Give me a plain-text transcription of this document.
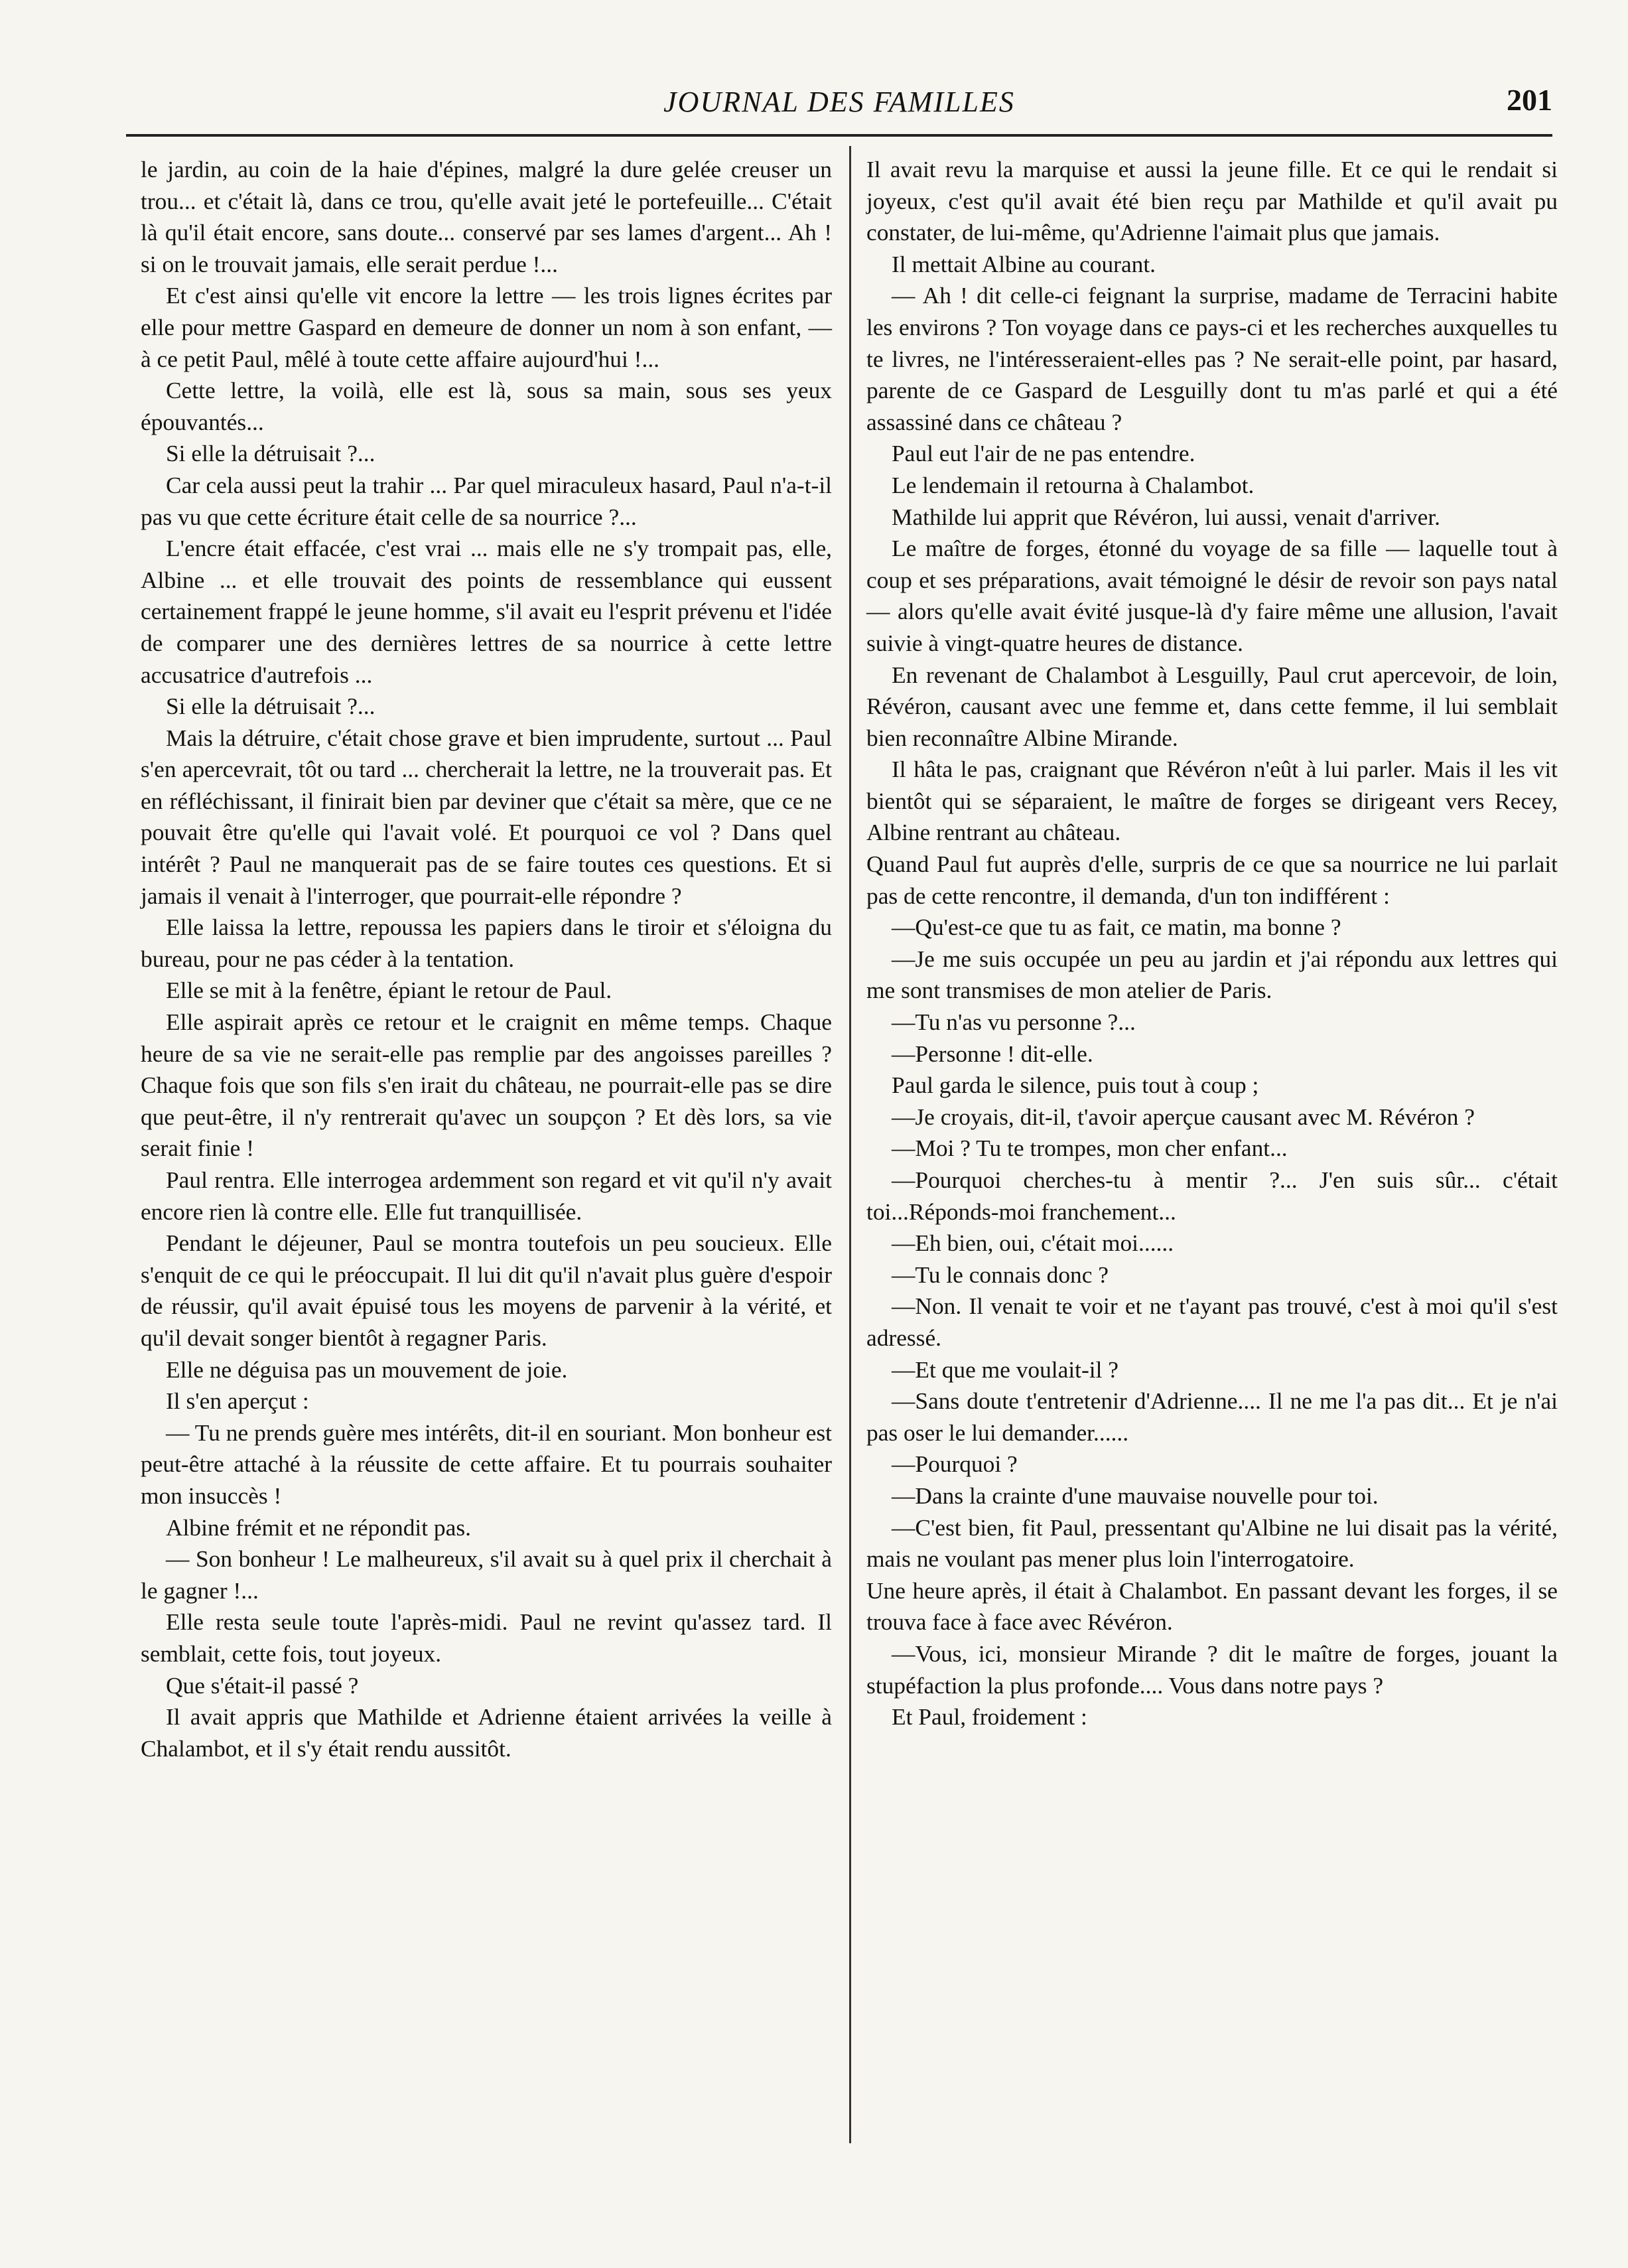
JOURNAL DES FAMILLES	201

le jardin, au coin de la haie d'épines, malgré la dure gelée creuser un trou... et c'était là, dans ce trou, qu'elle avait jeté le portefeuille... C'était là qu'il était encore, sans doute... conservé par ses lames d'argent... Ah ! si on le trouvait jamais, elle serait perdue !...

Et c'est ainsi qu'elle vit encore la lettre — les trois lignes écrites par elle pour mettre Gaspard en demeure de donner un nom à son enfant, — à ce petit Paul, mêlé à toute cette affaire aujourd'hui !...

Cette lettre, la voilà, elle est là, sous sa main, sous ses yeux épouvantés...

Si elle la détruisait ?...

Car cela aussi peut la trahir ... Par quel miraculeux hasard, Paul n'a-t-il pas vu que cette écriture était celle de sa nourrice ?...

L'encre était effacée, c'est vrai ... mais elle ne s'y trompait pas, elle, Albine ... et elle trouvait des points de ressemblance qui eussent certainement frappé le jeune homme, s'il avait eu l'esprit prévenu et l'idée de comparer une des dernières lettres de sa nourrice à cette lettre accusatrice d'autrefois ...

Si elle la détruisait ?...

Mais la détruire, c'était chose grave et bien imprudente, surtout ... Paul s'en apercevrait, tôt ou tard ... chercherait la lettre, ne la trouverait pas. Et en réfléchissant, il finirait bien par deviner que c'était sa mère, que ce ne pouvait être qu'elle qui l'avait volé. Et pourquoi ce vol ? Dans quel intérêt ? Paul ne manquerait pas de se faire toutes ces questions. Et si jamais il venait à l'interroger, que pourrait-elle répondre ?

Elle laissa la lettre, repoussa les papiers dans le tiroir et s'éloigna du bureau, pour ne pas céder à la tentation.

Elle se mit à la fenêtre, épiant le retour de Paul.

Elle aspirait après ce retour et le craignit en même temps. Chaque heure de sa vie ne serait-elle pas remplie par des angoisses pareilles ? Chaque fois que son fils s'en irait du château, ne pourrait-elle pas se dire que peut-être, il n'y rentrerait qu'avec un soupçon ? Et dès lors, sa vie serait finie !

Paul rentra. Elle interrogea ardemment son regard et vit qu'il n'y avait encore rien là contre elle. Elle fut tranquillisée.

Pendant le déjeuner, Paul se montra toutefois un peu soucieux. Elle s'enquit de ce qui le préoccupait. Il lui dit qu'il n'avait plus guère d'espoir de réussir, qu'il avait épuisé tous les moyens de parvenir à la vérité, et qu'il devait songer bientôt à regagner Paris.

Elle ne déguisa pas un mouvement de joie.

Il s'en aperçut :

— Tu ne prends guère mes intérêts, dit-il en souriant. Mon bonheur est peut-être attaché à la réussite de cette affaire. Et tu pourrais souhaiter mon insuccès !

Albine frémit et ne répondit pas.

— Son bonheur ! Le malheureux, s'il avait su à quel prix il cherchait à le gagner !...

Elle resta seule toute l'après-midi. Paul ne revint qu'assez tard. Il semblait, cette fois, tout joyeux.

Que s'était-il passé ?

Il avait appris que Mathilde et Adrienne étaient arrivées la veille à Chalambot, et il s'y était rendu aussitôt.

Il avait revu la marquise et aussi la jeune fille. Et ce qui le rendait si joyeux, c'est qu'il avait été bien reçu par Mathilde et qu'il avait pu constater, de lui-même, qu'Adrienne l'aimait plus que jamais.

Il mettait Albine au courant.

— Ah ! dit celle-ci feignant la surprise, madame de Terracini habite les environs ? Ton voyage dans ce pays-ci et les recherches auxquelles tu te livres, ne l'intéresseraient-elles pas ? Ne serait-elle point, par hasard, parente de ce Gaspard de Lesguilly dont tu m'as parlé et qui a été assassiné dans ce château ?

Paul eut l'air de ne pas entendre.

Le lendemain il retourna à Chalambot.

Mathilde lui apprit que Révéron, lui aussi, venait d'arriver.

Le maître de forges, étonné du voyage de sa fille — laquelle tout à coup et ses préparations, avait témoigné le désir de revoir son pays natal — alors qu'elle avait évité jusque-là d'y faire même une allusion, l'avait suivie à vingt-quatre heures de distance.

En revenant de Chalambot à Lesguilly, Paul crut apercevoir, de loin, Révéron, causant avec une femme et, dans cette femme, il lui semblait bien reconnaître Albine Mirande.

Il hâta le pas, craignant que Révéron n'eût à lui parler. Mais il les vit bientôt qui se séparaient, le maître de forges se dirigeant vers Recey, Albine rentrant au château.

Quand Paul fut auprès d'elle, surpris de ce que sa nourrice ne lui parlait pas de cette rencontre, il demanda, d'un ton indifférent :

—Qu'est-ce que tu as fait, ce matin, ma bonne ?

—Je me suis occupée un peu au jardin et j'ai répondu aux lettres qui me sont transmises de mon atelier de Paris.

—Tu n'as vu personne ?...

—Personne ! dit-elle.

Paul garda le silence, puis tout à coup ;

—Je croyais, dit-il, t'avoir aperçue causant avec M. Révéron ?

—Moi ? Tu te trompes, mon cher enfant...

—Pourquoi cherches-tu à mentir ?... J'en suis sûr... c'était toi...Réponds-moi franchement...

—Eh bien, oui, c'était moi......

—Tu le connais donc ?

—Non. Il venait te voir et ne t'ayant pas trouvé, c'est à moi qu'il s'est adressé.

—Et que me voulait-il ?

—Sans doute t'entretenir d'Adrienne.... Il ne me l'a pas dit... Et je n'ai pas oser le lui demander......

—Pourquoi ?

—Dans la crainte d'une mauvaise nouvelle pour toi.

—C'est bien, fit Paul, pressentant qu'Albine ne lui disait pas la vérité, mais ne voulant pas mener plus loin l'interrogatoire.

Une heure après, il était à Chalambot. En passant devant les forges, il se trouva face à face avec Révéron.

—Vous, ici, monsieur Mirande ? dit le maître de forges, jouant la stupéfaction la plus profonde.... Vous dans notre pays ?

Et Paul, froidement :
